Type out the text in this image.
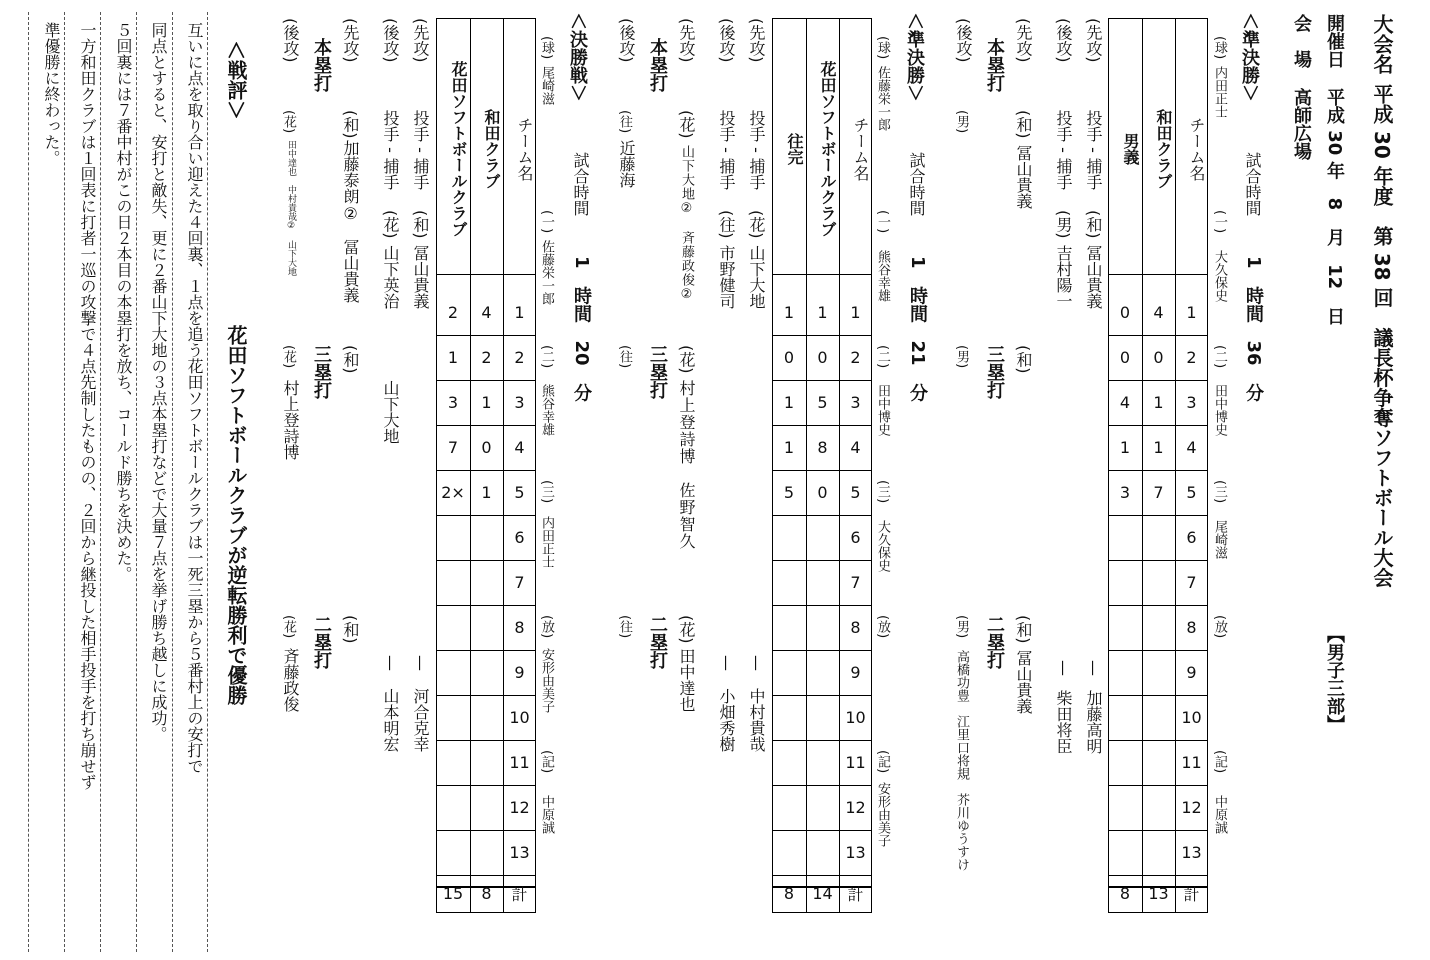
大会名
平成 30 年度　第 38 回　議長杯争奪ソフトボール大会
開催日
平成 30 年　8　月　12　日
【男子三部】
会　場
高師広場
＜準決勝＞
試合時間
1　時間　36　分
(球)
内田正士
(一)
大久保史
(二)
田中博史
(三)
尾崎滋
(放)
(記)
中原誠
チーム名
1
2
3
4
5
6
7
8
9
10
11
12
13
計
和田クラブ
4
0
1
1
7
13
男義
0
0
4
1
3
8
(先攻)
投手 - 捕手
(和)
冨山貴義
—
加藤高明
(後攻)
投手 - 捕手
(男)
吉村陽一
—
柴田将臣
(先攻)
(和)
冨山貴義
(和)
(和)
冨山貴義
本塁打
三塁打
二塁打
(後攻)
(男)
(男)
(男)
高橋功豊　江里口将規　芥川ゆうすけ
＜準決勝＞
試合時間
1　時間　21　分
(球)
佐藤栄一郎
(一)
熊谷幸雄
(二)
田中博史
(三)
大久保史
(放)
(記)
安形由美子
チーム名
1
2
3
4
5
6
7
8
9
10
11
12
13
計
花田ソフトボールクラブ
1
0
5
8
0
14
往完
1
0
1
1
5
8
(先攻)
投手 - 捕手
(花)
山下大地
—
中村貴哉
(後攻)
投手 - 捕手
(往)
市野健司
—
小畑秀樹
(先攻)
(花)
山下大地②　斉藤政俊②
(花)
村上登詩博　佐野智久
(花)
田中達也
本塁打
三塁打
二塁打
(後攻)
(往)
近藤海
(往)
(往)
＜決勝戦＞
試合時間
1　時間　20　分
(球)
尾崎滋
(一)
佐藤栄一郎
(二)
熊谷幸雄
(三)
内田正士
(放)
安形由美子
(記)
中原誠
チーム名
1
2
3
4
5
6
7
8
9
10
11
12
13
計
和田クラブ
4
2
1
0
1
8
花田ソフトボールクラブ
2
1
3
7
2×
15
(先攻)
投手 - 捕手
(和)
冨山貴義
—
河合克幸
(後攻)
投手 - 捕手
(花)
山下英治
—
山本明宏
(先攻)
(和)
加藤泰朗②　冨山貴義
(和)
山下大地
(和)
本塁打
三塁打
二塁打
(後攻)
(花)
田中達也　中村貴哉②　山下大地
(花)
村上登詩博
(花)
斉藤政俊
＜戦評＞
花田ソフトボールクラブが逆転勝利で優勝
互いに点を取り合い迎えた４回裏、１点を追う花田ソフトボールクラブは一死三塁から５番村上の安打で
同点とすると、安打と敵失、更に２番山下大地の３点本塁打などで大量７点を挙げ勝ち越しに成功。
５回裏には７番中村がこの日２本目の本塁打を放ち、コールド勝ちを決めた。
一方和田クラブは１回表に打者一巡の攻撃で４点先制したものの、２回から継投した相手投手を打ち崩せず
準優勝に終わった。
